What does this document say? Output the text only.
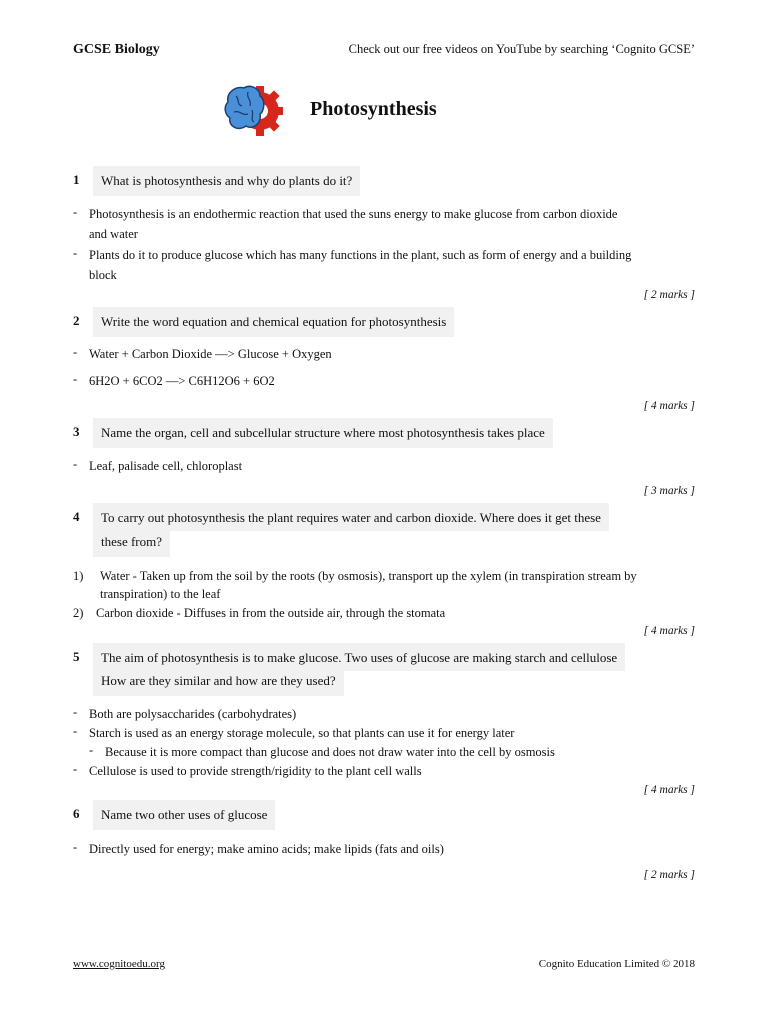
GCSE Biology	Check out our free videos on YouTube by searching ‘Cognito GCSE’
Photosynthesis
1	What is photosynthesis and why do plants do it?
- Photosynthesis is an endothermic reaction that used the suns energy to make glucose from carbon dioxide
and water
- Plants do it to produce glucose which has many functions in the plant, such as form of energy and a building
block
[ 2 marks ]
2	Write the word equation and chemical equation for photosynthesis
- Water + Carbon Dioxide —> Glucose + Oxygen
- 6H2O + 6CO2 —> C6H12O6 + 6O2
[ 4 marks ]
3	Name the organ, cell and subcellular structure where most photosynthesis takes place
- Leaf, palisade cell, chloroplast
[ 3 marks ]
4	To carry out photosynthesis the plant requires water and carbon dioxide. Where does it get these
these from?
1) Water - Taken up from the soil by the roots (by osmosis), transport up the xylem (in transpiration stream by
transpiration) to the leaf
2) Carbon dioxide - Diffuses in from the outside air, through the stomata
[ 4 marks ]
5	The aim of photosynthesis is to make glucose. Two uses of glucose are making starch and cellulose
How are they similar and how are they used?
- Both are polysaccharides (carbohydrates)
- Starch is used as an energy storage molecule, so that plants can use it for energy later
- Because it is more compact than glucose and does not draw water into the cell by osmosis
- Cellulose is used to provide strength/rigidity to the plant cell walls
[ 4 marks ]
6	Name two other uses of glucose
- Directly used for energy; make amino acids; make lipids (fats and oils)
[ 2 marks ]
www.cognitoedu.org	Cognito Education Limited © 2018
